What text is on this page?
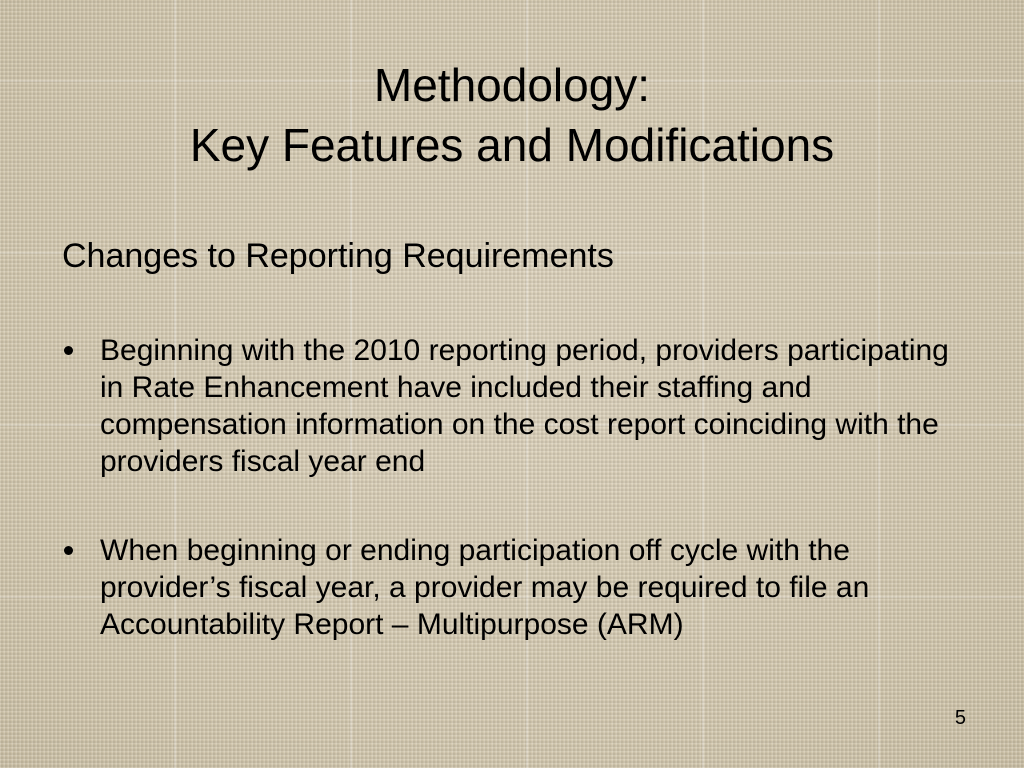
Methodology:
Key Features and Modifications
Changes to Reporting Requirements
Beginning with the 2010 reporting period, providers participating in Rate Enhancement have included their staffing and compensation information on the cost report coinciding with the providers fiscal year end
When beginning or ending participation off cycle with the provider’s fiscal year, a provider may be required to file an Accountability Report – Multipurpose (ARM)
5
